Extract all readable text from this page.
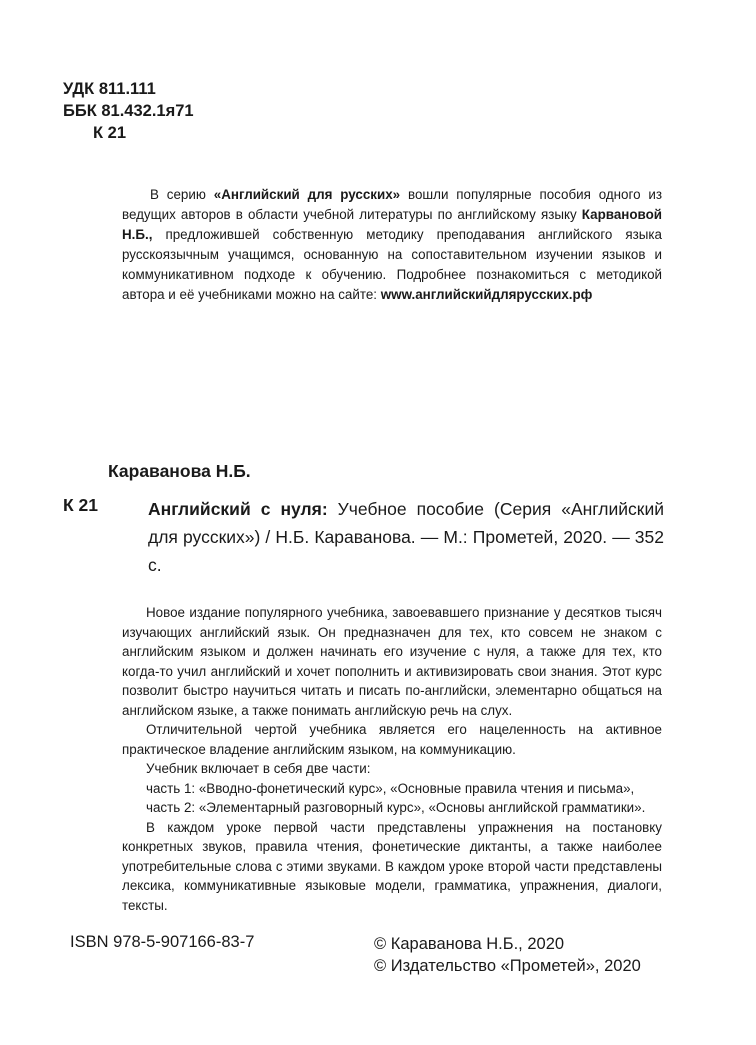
УДК 811.111
ББК 81.432.1я71
К 21

В серию «Английский для русских» вошли популярные пособия одного из ведущих авторов в области учебной литературы по английскому языку Карвановой Н.Б., предложившей собственную методику преподавания английского языка русскоязычным учащимся, основанную на сопоставительном изучении языков и коммуникативном подходе к обучению. Подробнее познакомиться с методикой автора и её учебниками можно на сайте: www.английскийдлярусских.рф

Караванова Н.Б.
К 21	Английский с нуля: Учебное пособие (Серия «Английский для русских») / Н.Б. Караванова. — М.: Прометей, 2020. — 352 с.

Новое издание популярного учебника, завоевавшего признание у десятков тысяч изучающих английский язык. Он предназначен для тех, кто совсем не знаком с английским языком и должен начинать его изучение с нуля, а также для тех, кто когда-то учил английский и хочет пополнить и активизировать свои знания. Этот курс позволит быстро научиться читать и писать по-английски, элементарно общаться на английском языке, а также понимать английскую речь на слух.

Отличительной чертой учебника является его нацеленность на активное практическое владение английским языком, на коммуникацию.

Учебник включает в себя две части:

часть 1: «Вводно-фонетический курс», «Основные правила чтения и письма»,

часть 2: «Элементарный разговорный курс», «Основы английской грамматики».

В каждом уроке первой части представлены упражнения на постановку конкретных звуков, правила чтения, фонетические диктанты, а также наиболее употребительные слова с этими звуками. В каждом уроке второй части представлены лексика, коммуникативные языковые модели, грамматика, упражнения, диалоги, тексты.

ISBN 978-5-907166-83-7	© Караванова Н.Б., 2020
© Издательство «Прометей», 2020
